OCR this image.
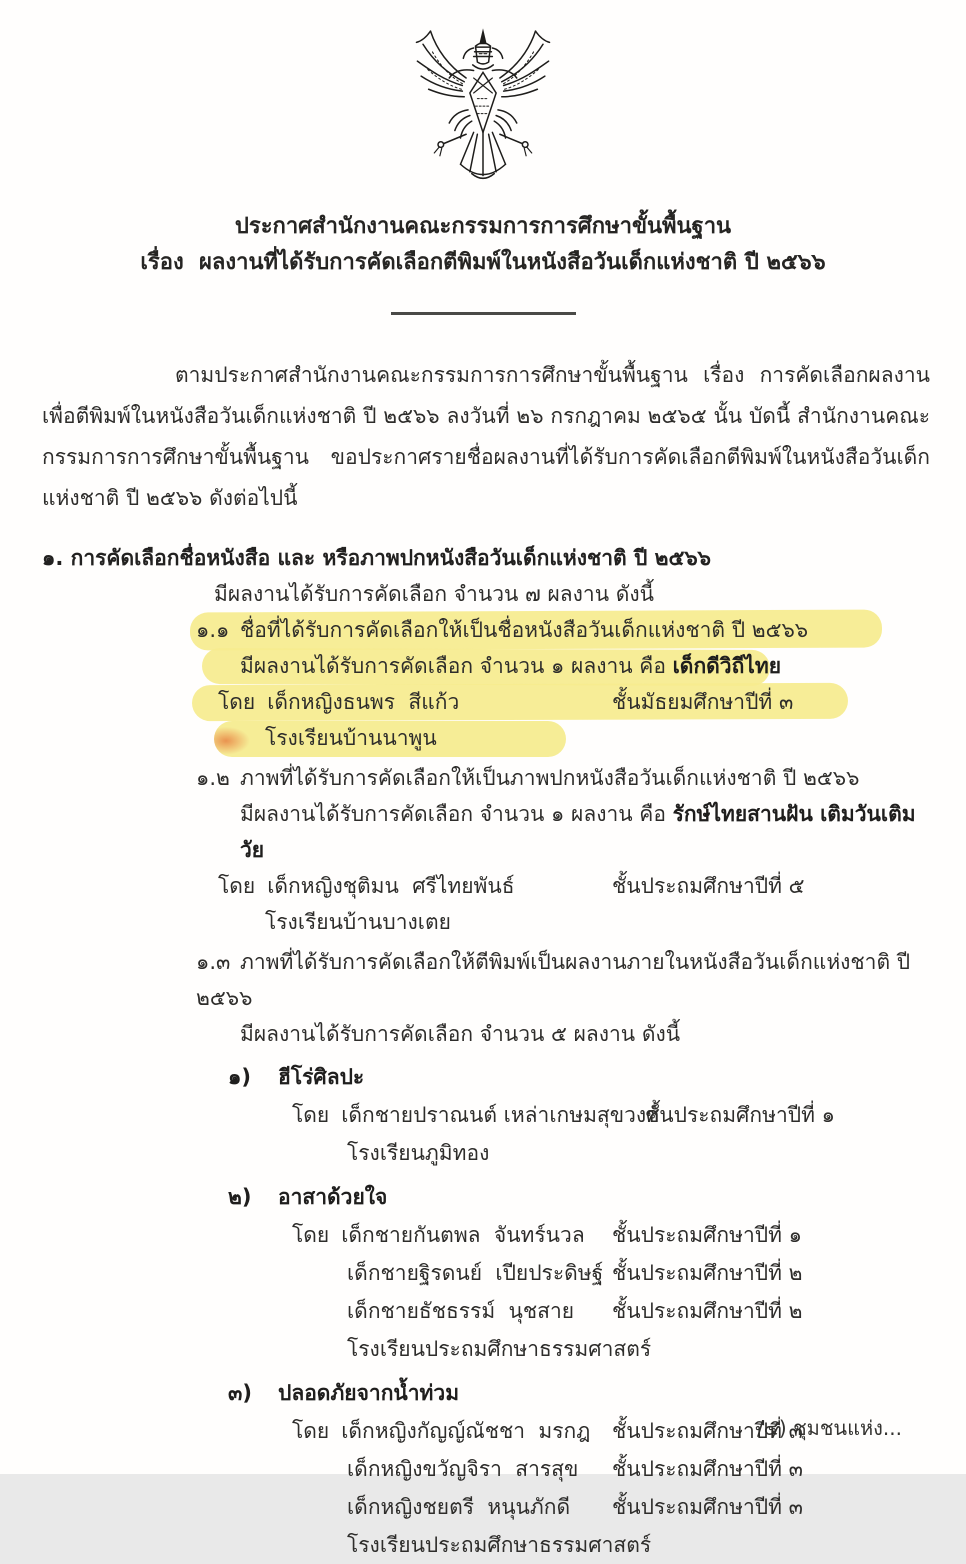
ประกาศสำนักงานคณะกรรมการการศึกษาขั้นพื้นฐาน
เรื่อง  ผลงานที่ได้รับการคัดเลือกตีพิมพ์ในหนังสือวันเด็กแห่งชาติ ปี ๒๕๖๖

ตามประกาศสำนักงานคณะกรรมการการศึกษาขั้นพื้นฐาน เรื่อง การคัดเลือกผลงานเพื่อตีพิมพ์ในหนังสือวันเด็กแห่งชาติ ปี ๒๕๖๖ ลงวันที่ ๒๖ กรกฎาคม ๒๕๖๕ นั้น บัดนี้ สำนักงานคณะกรรมการการศึกษาขั้นพื้นฐาน ขอประกาศรายชื่อผลงานที่ได้รับการคัดเลือกตีพิมพ์ในหนังสือวันเด็กแห่งชาติ ปี ๒๕๖๖ ดังต่อไปนี้

๑. การคัดเลือกชื่อหนังสือ และ หรือภาพปกหนังสือวันเด็กแห่งชาติ ปี ๒๕๖๖
มีผลงานได้รับการคัดเลือก จำนวน ๗ ผลงาน ดังนี้
๑.๑ ชื่อที่ได้รับการคัดเลือกให้เป็นชื่อหนังสือวันเด็กแห่งชาติ ปี ๒๕๖๖
มีผลงานได้รับการคัดเลือก จำนวน ๑ ผลงาน คือ เด็กดีวิถีไทย
โดย เด็กหญิงธนพร  สีแก้ว	ชั้นมัธยมศึกษาปีที่ ๓
โรงเรียนบ้านนาพูน
๑.๒ ภาพที่ได้รับการคัดเลือกให้เป็นภาพปกหนังสือวันเด็กแห่งชาติ ปี ๒๕๖๖
มีผลงานได้รับการคัดเลือก จำนวน ๑ ผลงาน คือ รักษ์ไทยสานฝัน เติมวันเติมวัย
โดย เด็กหญิงชุติมน  ศรีไทยพันธ์	ชั้นประถมศึกษาปีที่ ๕
โรงเรียนบ้านบางเตย
๑.๓ ภาพที่ได้รับการคัดเลือกให้ตีพิมพ์เป็นผลงานภายในหนังสือวันเด็กแห่งชาติ ปี ๒๕๖๖
มีผลงานได้รับการคัดเลือก จำนวน ๕ ผลงาน ดังนี้
๑) ฮีโร่ศิลปะ
โดย เด็กชายปราณนต์ เหล่าเกษมสุขวงศ์
ชั้นประถมศึกษาปีที่ ๑
โรงเรียนภูมิทอง
๒) อาสาด้วยใจ
โดย เด็กชายกันตพล  จันทร์นวล ชั้นประถมศึกษาปีที่ ๑
เด็กชายฐิรดนย์  เปียประดิษฐ์ ชั้นประถมศึกษาปีที่ ๒
เด็กชายธัชธรรม์  นุชสาย ชั้นประถมศึกษาปีที่ ๒
โรงเรียนประถมศึกษาธรรมศาสตร์
๓) ปลอดภัยจากน้ำท่วม
โดย เด็กหญิงกัญญ์ณัชชา  มรกฎ ชั้นประถมศึกษาปีที่ ๓
เด็กหญิงขวัญจิรา  สารสุข ชั้นประถมศึกษาปีที่ ๓
เด็กหญิงชยตรี  หนุนภักดี ชั้นประถมศึกษาปีที่ ๓
โรงเรียนประถมศึกษาธรรมศาสตร์
/๔) ชุมชนแห่ง...
